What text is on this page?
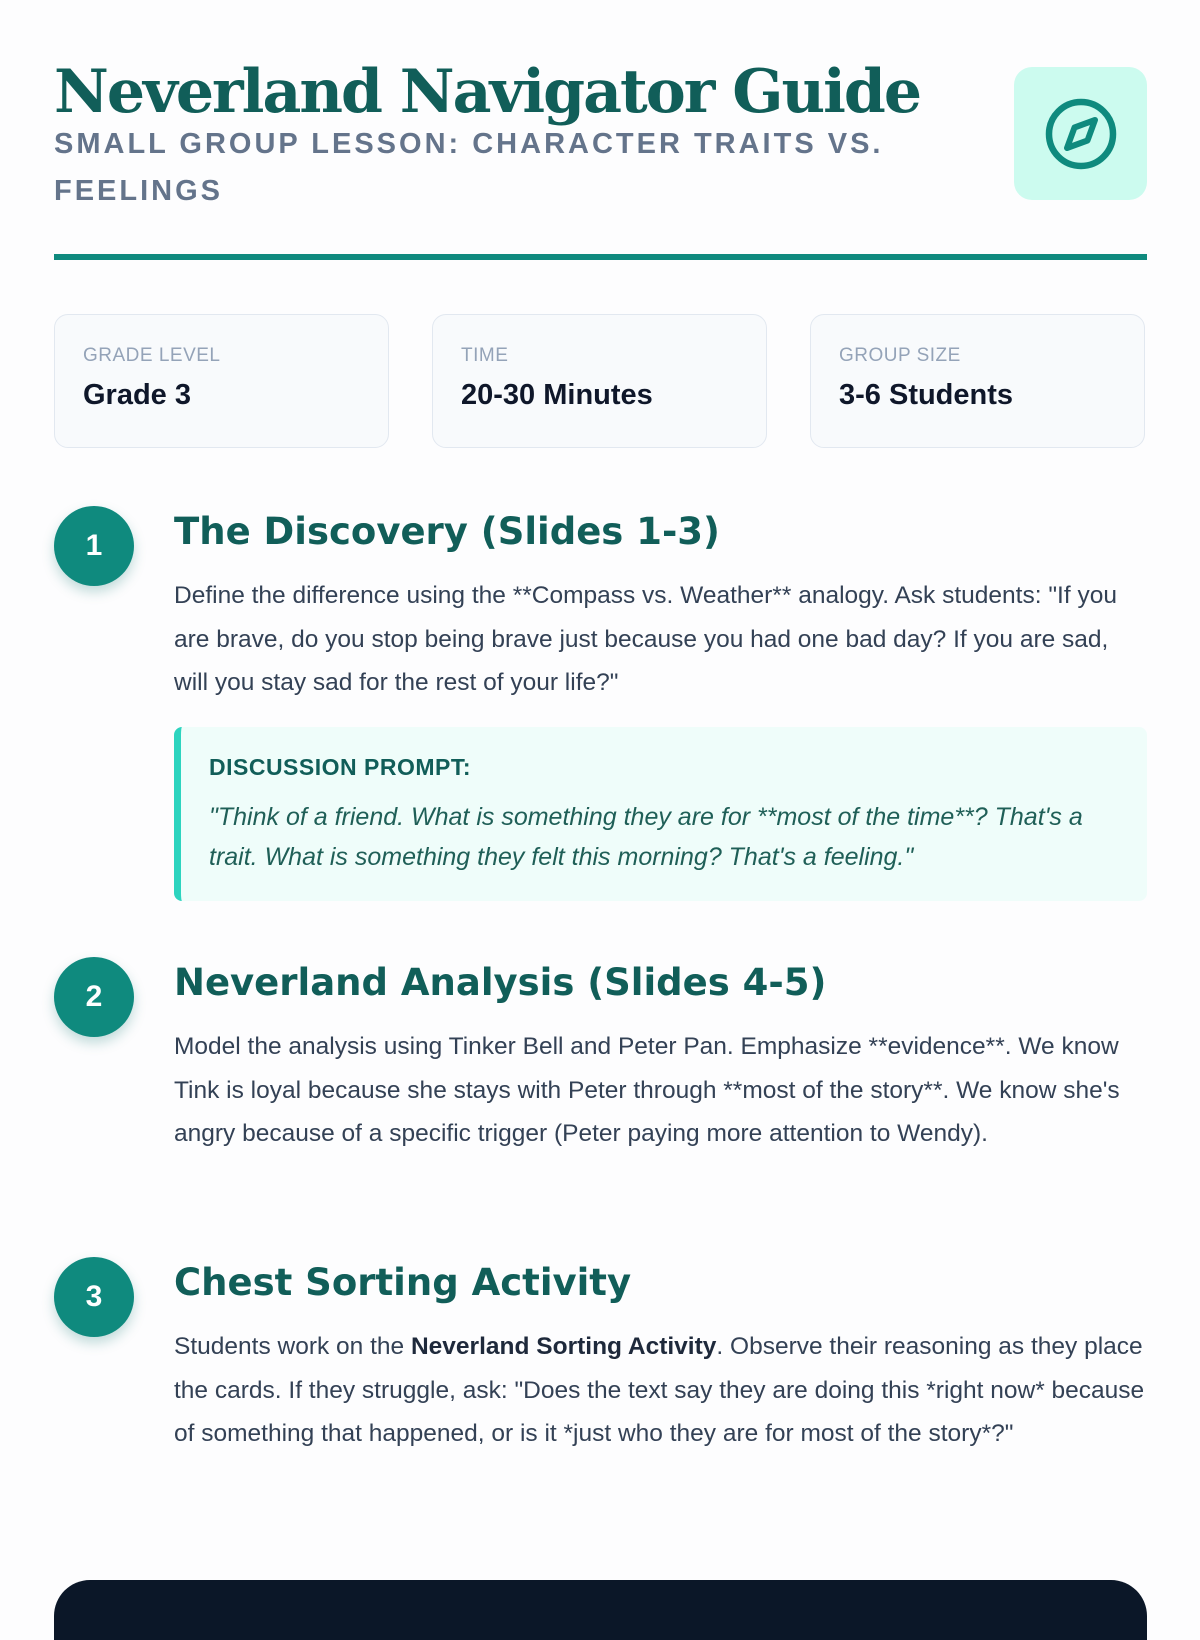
Neverland Navigator Guide

SMALL GROUP LESSON: CHARACTER TRAITS VS. FEELINGS

GRADE LEVEL
Grade 3
TIME
20-30 Minutes
GROUP SIZE
3-6 Students
1	The Discovery (Slides 1-3)

Define the difference using the **Compass vs. Weather** analogy. Ask students: "If you are brave, do you stop being brave just because you had one bad day? If you are sad, will you stay sad for the rest of your life?"

DISCUSSION PROMPT:
"Think of a friend. What is something they are for **most of the time**? That's a trait. What is something they felt this morning? That's a feeling."
2	Neverland Analysis (Slides 4-5)

Model the analysis using Tinker Bell and Peter Pan. Emphasize **evidence**. We know Tink is loyal because she stays with Peter through **most of the story**. We know she's angry because of a specific trigger (Peter paying more attention to Wendy).

3	Chest Sorting Activity

Students work on the Neverland Sorting Activity. Observe their reasoning as they place the cards. If they struggle, ask: "Does the text say they are doing this *right now* because of something that happened, or is it *just who they are for most of the story*?"
